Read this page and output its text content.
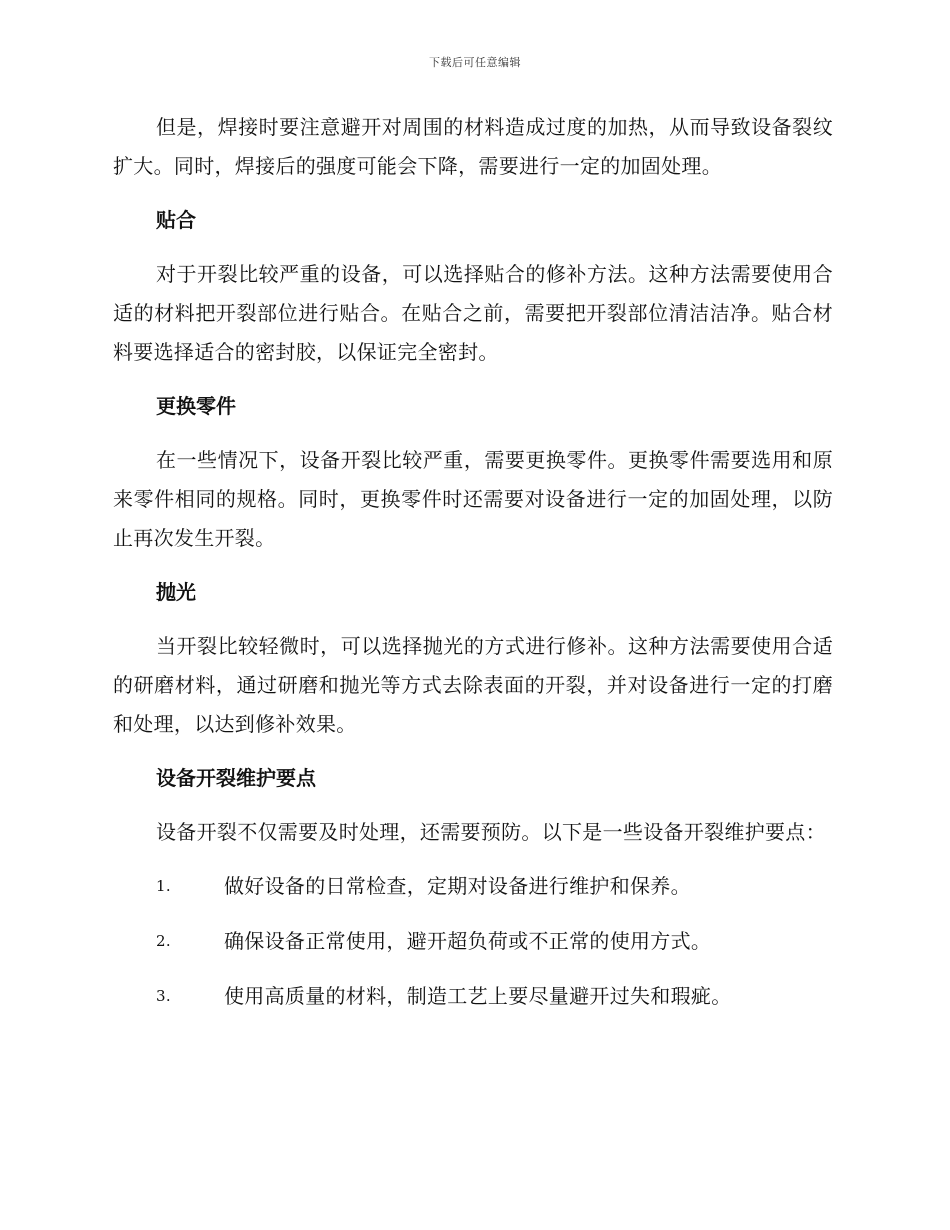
下载后可任意编辑

但是，焊接时要注意避开对周围的材料造成过度的加热，从而导致设备裂纹扩大。同时，焊接后的强度可能会下降，需要进行一定的加固处理。

贴合

对于开裂比较严重的设备，可以选择贴合的修补方法。这种方法需要使用合适的材料把开裂部位进行贴合。在贴合之前，需要把开裂部位清洁洁净。贴合材料要选择适合的密封胶，以保证完全密封。

更换零件

在一些情况下，设备开裂比较严重，需要更换零件。更换零件需要选用和原来零件相同的规格。同时，更换零件时还需要对设备进行一定的加固处理，以防止再次发生开裂。

抛光

当开裂比较轻微时，可以选择抛光的方式进行修补。这种方法需要使用合适的研磨材料，通过研磨和抛光等方式去除表面的开裂，并对设备进行一定的打磨和处理，以达到修补效果。

设备开裂维护要点

设备开裂不仅需要及时处理，还需要预防。以下是一些设备开裂维护要点：

1.	做好设备的日常检查，定期对设备进行维护和保养。
2.	确保设备正常使用，避开超负荷或不正常的使用方式。
3.	使用高质量的材料，制造工艺上要尽量避开过失和瑕疵。
